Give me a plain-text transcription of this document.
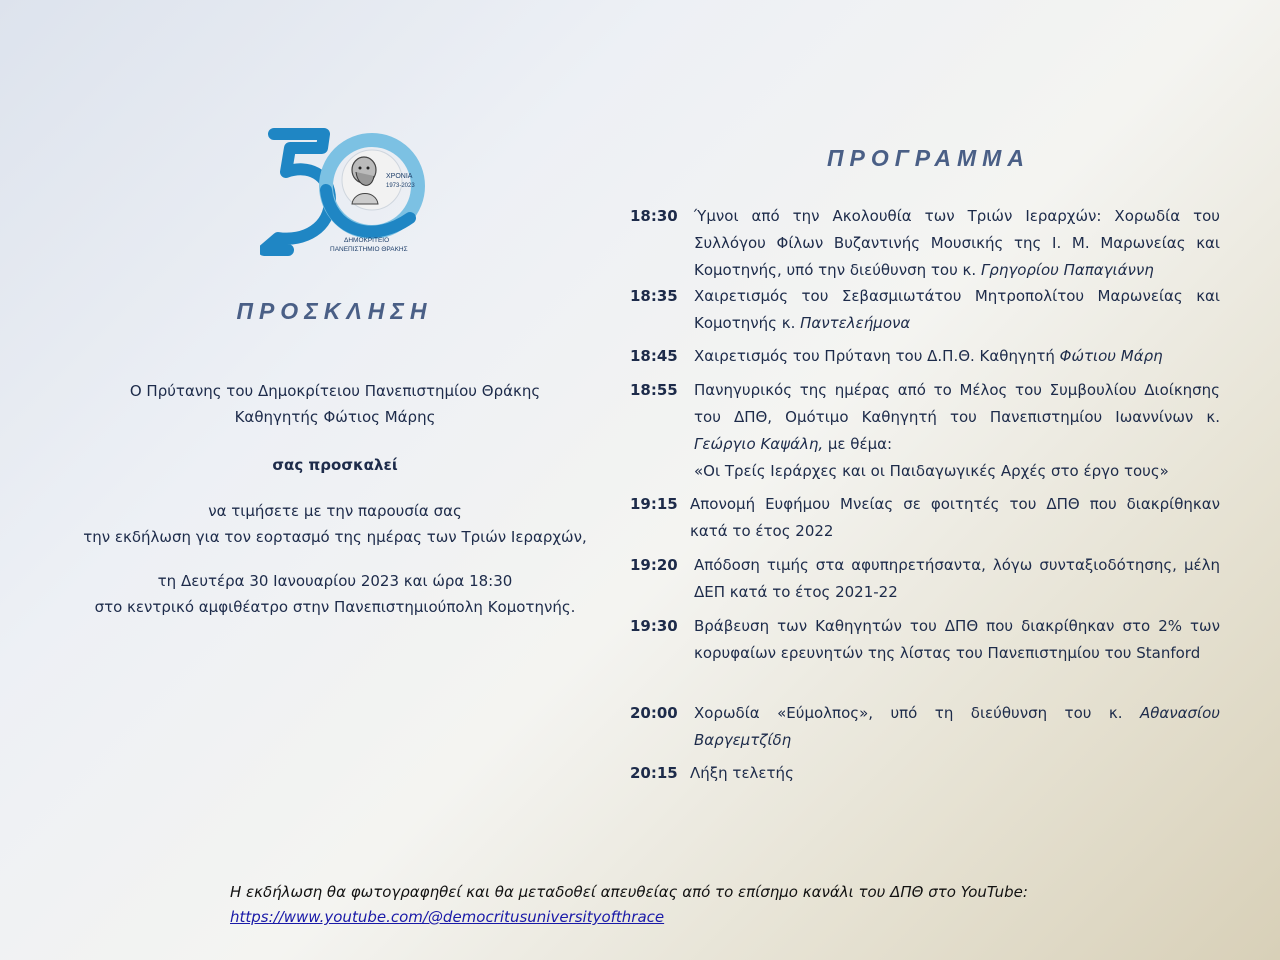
ΧΡΟΝΙΑ
1973-2023
ΔΗΜΟΚΡΙΤΕΙΟ
ΠΑΝΕΠΙΣΤΗΜΙΟ ΘΡΑΚΗΣ
ΠΡΟΣΚΛΗΣΗ
Ο Πρύτανης του Δημοκρίτειου Πανεπιστημίου Θράκης
Καθηγητής Φώτιος Μάρης
σας προσκαλεί
να τιμήσετε με την παρουσία σας
την εκδήλωση για τον εορτασμό της ημέρας των Τριών Ιεραρχών,
τη Δευτέρα 30 Ιανουαρίου 2023 και ώρα 18:30
στο κεντρικό αμφιθέατρο στην Πανεπιστημιούπολη Κομοτηνής.
ΠΡΟΓΡΑΜΜΑ
18:30 Ύμνοι από την Ακολουθία των Τριών Ιεραρχών: Χορωδία του Συλλόγου Φίλων Βυζαντινής Μουσικής της Ι. Μ. Μαρωνείας και Κομοτηνής, υπό την διεύθυνση του κ. Γρηγορίου Παπαγιάννη
18:35 Χαιρετισμός του Σεβασμιωτάτου Μητροπολίτου Μαρωνείας και Κομοτηνής κ. Παντελεήμονα
18:45 Χαιρετισμός του Πρύτανη του Δ.Π.Θ. Καθηγητή Φώτιου Μάρη
18:55 Πανηγυρικός της ημέρας από το Μέλος του Συμβουλίου Διοίκησης του ΔΠΘ, Ομότιμο Καθηγητή του Πανεπιστημίου Ιωαννίνων κ. Γεώργιο Καψάλη, με θέμα:
«Οι Τρείς Ιεράρχες και οι Παιδαγωγικές Αρχές στο έργο τους»
19:15 Απονομή Ευφήμου Μνείας σε φοιτητές του ΔΠΘ που διακρίθηκαν κατά το έτος 2022
19:20 Απόδοση τιμής στα αφυπηρετήσαντα, λόγω συνταξιοδότησης, μέλη ΔΕΠ κατά το έτος 2021-22
19:30 Βράβευση των Καθηγητών του ΔΠΘ που διακρίθηκαν στο 2% των κορυφαίων ερευνητών της λίστας του Πανεπιστημίου του Stanford
20:00 Χορωδία «Εύμολπος», υπό τη διεύθυνση του κ. Αθανασίου Βαργεμτζίδη
20:15 Λήξη τελετής
Η εκδήλωση θα φωτογραφηθεί και θα μεταδοθεί απευθείας από το επίσημο κανάλι του ΔΠΘ στο YouTube:
https://www.youtube.com/@democritusuniversityofthrace
